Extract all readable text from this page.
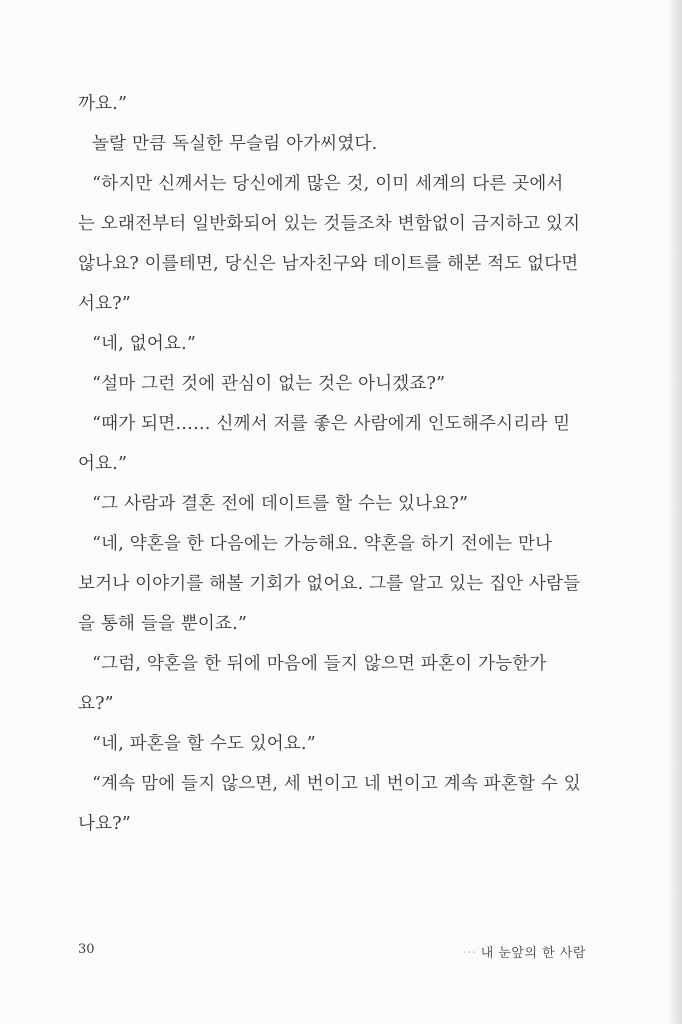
까요.”
놀랄 만큼 독실한 무슬림 아가씨였다.
“하지만 신께서는 당신에게 많은 것, 이미 세계의 다른 곳에서
는 오래전부터 일반화되어 있는 것들조차 변함없이 금지하고 있지
않나요? 이를테면, 당신은 남자친구와 데이트를 해본 적도 없다면
서요?”
“네, 없어요.”
“설마 그런 것에 관심이 없는 것은 아니겠죠?”
“때가 되면…… 신께서 저를 좋은 사람에게 인도해주시리라 믿
어요.”
“그 사람과 결혼 전에 데이트를 할 수는 있나요?”
“네, 약혼을 한 다음에는 가능해요. 약혼을 하기 전에는 만나
보거나 이야기를 해볼 기회가 없어요. 그를 알고 있는 집안 사람들
을 통해 들을 뿐이죠.”
“그럼, 약혼을 한 뒤에 마음에 들지 않으면 파혼이 가능한가
요?”
“네, 파혼을 할 수도 있어요.”
“계속 맘에 들지 않으면, 세 번이고 네 번이고 계속 파혼할 수 있
나요?”
30	··· 내 눈앞의 한 사람
